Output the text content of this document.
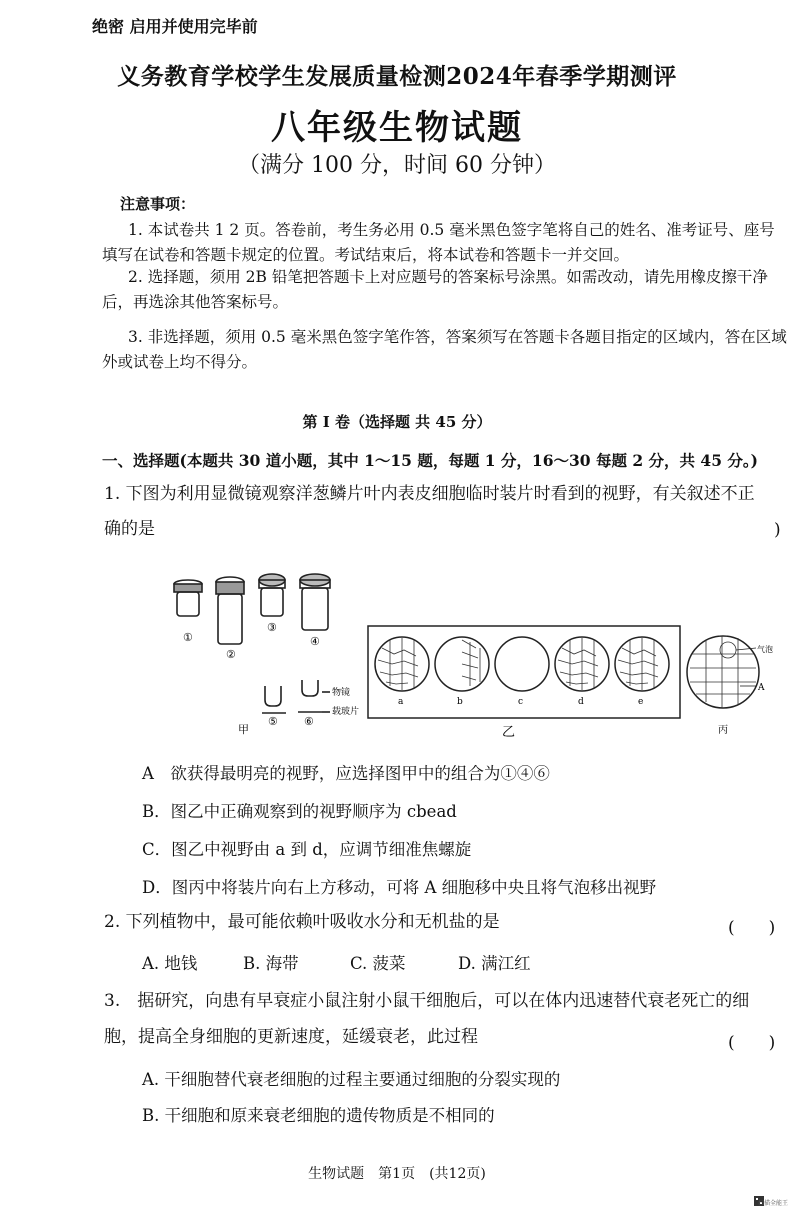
绝密 启用并使用完毕前
义务教育学校学生发展质量检测2024年春季学期测评
八年级生物试题
（满分 100 分，时间 60 分钟）
注意事项：
1. 本试卷共 1 2 页。答卷前，考生务必用 0.5 毫米黑色签字笔将自己的姓名、准考证号、座号填写在试卷和答题卡规定的位置。考试结束后，将本试卷和答题卡一并交回。
2. 选择题，须用 2B 铅笔把答题卡上对应题号的答案标号涂黑。如需改动，请先用橡皮擦干净后，再选涂其他答案标号。
3. 非选择题，须用 0.5 毫米黑色签字笔作答，答案须写在答题卡各题目指定的区域内，答在区域外或试卷上均不得分。
第 Ⅰ 卷（选择题 共 45 分）
一、选择题(本题共 30 道小题，其中 1～15 题，每题 1 分，16～30 每题 2 分，共 45 分。)
1. 下图为利用显微镜观察洋葱鳞片叶内表皮细胞临时装片时看到的视野，有关叙述不正
确的是	)
①
②
③
④
⑤ ⑥
物镜
载玻片
甲
a	b	c	d	e
乙
气泡
A
丙
A　欲获得最明亮的视野，应选择图甲中的组合为①④⑥
B．图乙中正确观察到的视野顺序为 cbead
C．图乙中视野由 a 到 d，应调节细准焦螺旋
D．图丙中将装片向右上方移动，可将 A 细胞移中央且将气泡移出视野
2. 下列植物中，最可能依赖叶吸收水分和无机盐的是	(　　)
A. 地钱	B. 海带	C. 菠菜	D. 满江红
3.　据研究，向患有早衰症小鼠注射小鼠干细胞后，可以在体内迅速替代衰老死亡的细
胞，提高全身细胞的更新速度，延缓衰老，此过程	(　　)
A. 干细胞替代衰老细胞的过程主要通过细胞的分裂实现的
B. 干细胞和原来衰老细胞的遗传物质是不相同的
生物试题　第1页　(共12页)
扫描全能王
